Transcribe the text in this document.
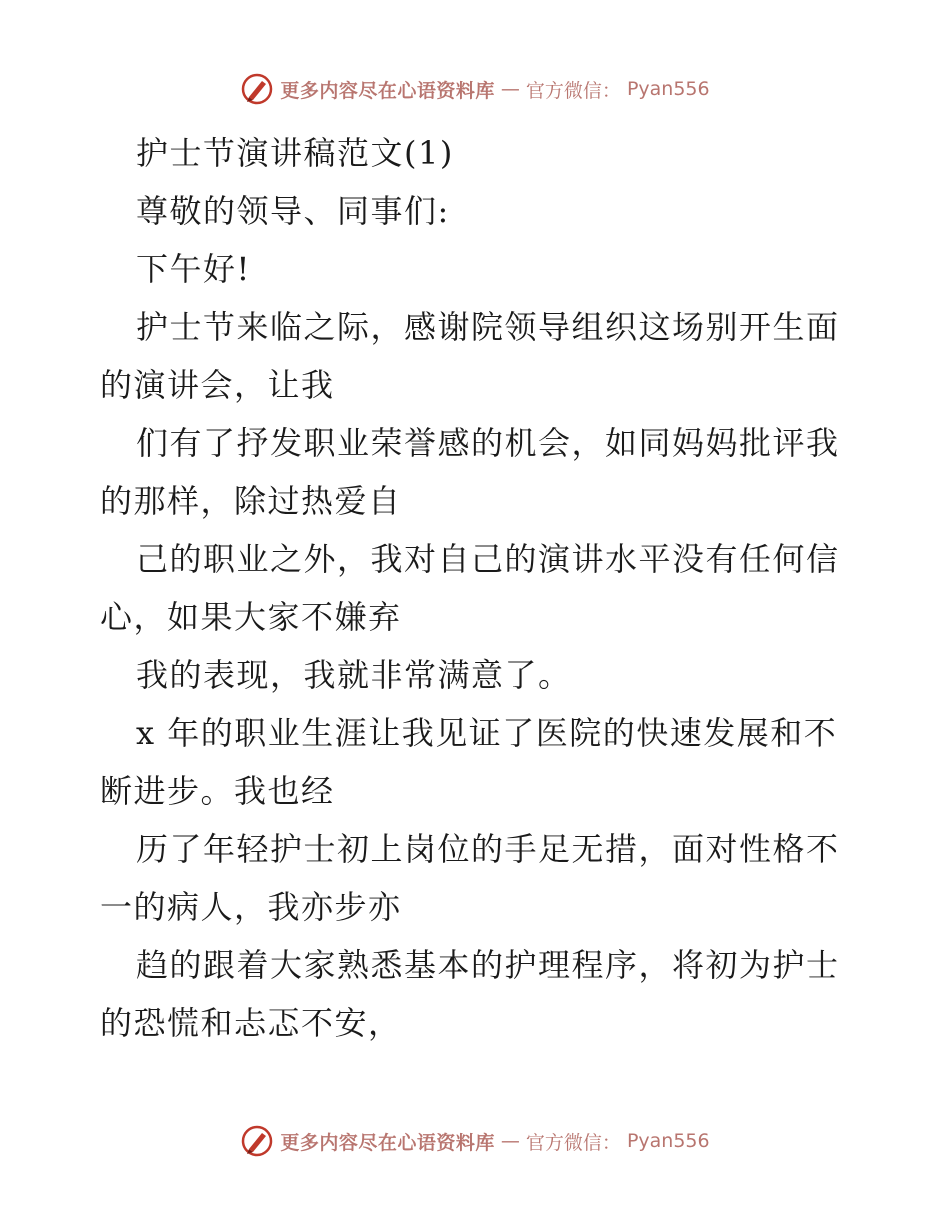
更多内容尽在心语资料库 — 官方微信： Pyan556

护士节演讲稿范文(1)

尊敬的领导、同事们:

下午好!

护士节来临之际，感谢院领导组织这场别开生面

的演讲会，让我

们有了抒发职业荣誉感的机会，如同妈妈批评我

的那样，除过热爱自

己的职业之外，我对自己的演讲水平没有任何信

心，如果大家不嫌弃

我的表现，我就非常满意了。

x 年的职业生涯让我见证了医院的快速发展和不

断进步。我也经

历了年轻护士初上岗位的手足无措，面对性格不

一的病人，我亦步亦

趋的跟着大家熟悉基本的护理程序，将初为护士

的恐慌和忐忑不安，

更多内容尽在心语资料库 — 官方微信： Pyan556
